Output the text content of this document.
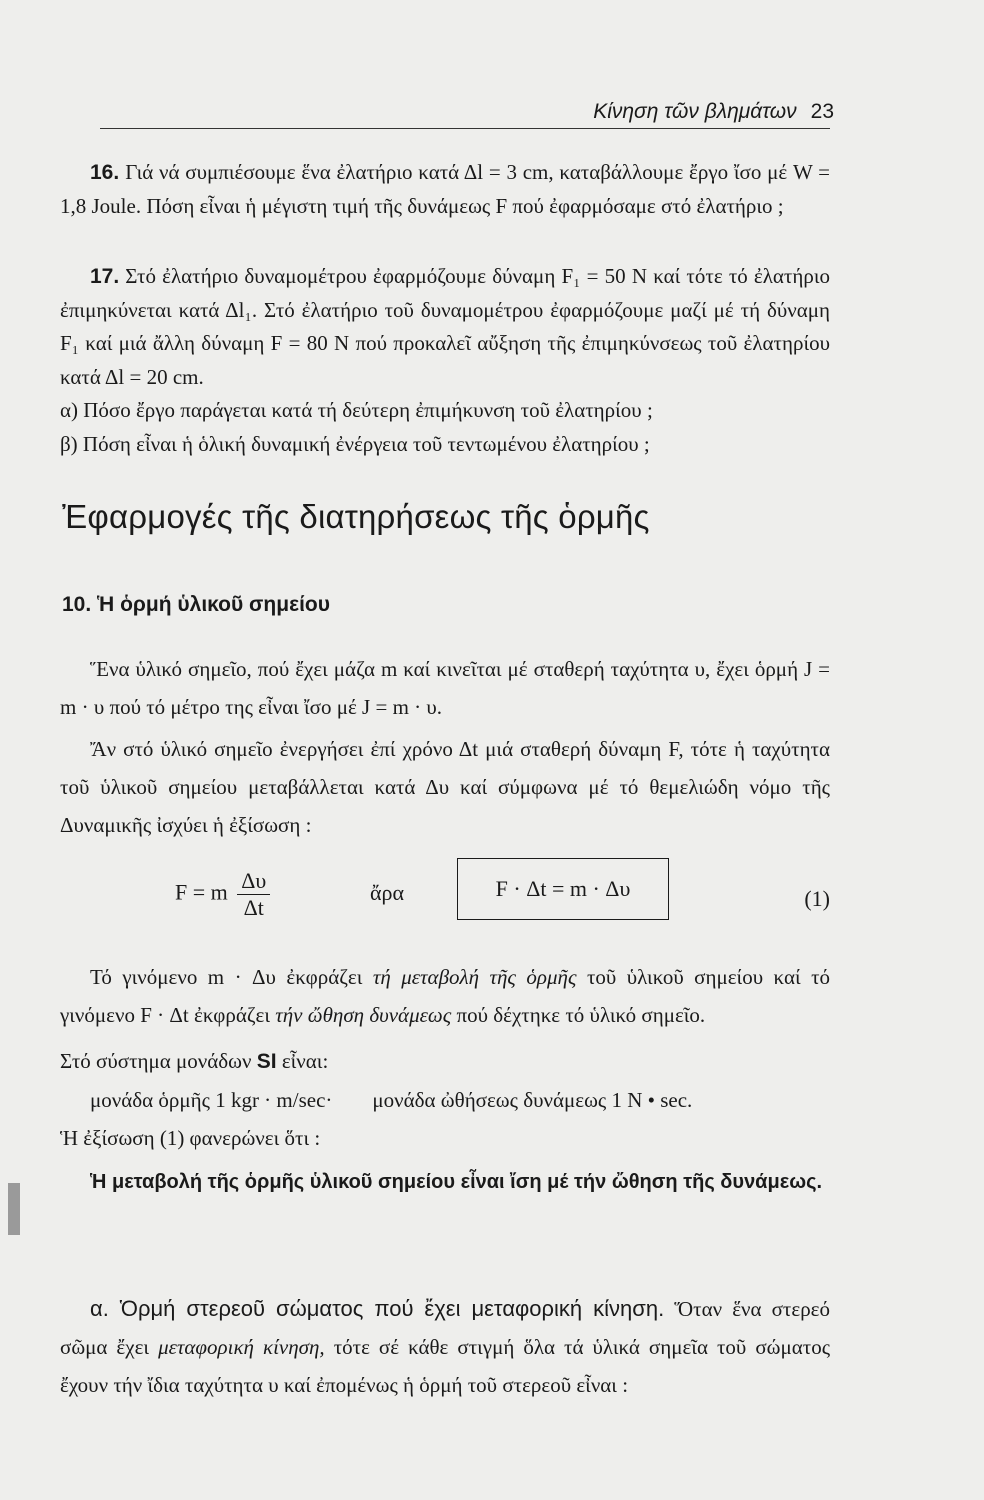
Κίνηση τῶν βλημάτων 23

16. Γιά νά συμπιέσουμε ἕνα ἐλατήριο κατά Δl = 3 cm, καταβάλλουμε ἔργο ἴσο μέ W = 1,8 Joule. Πόση εἶναι ἡ μέγιστη τιμή τῆς δυνάμεως F πού ἐφαρμόσαμε στό ἐλατήριο ;

17. Στό ἐλατήριο δυναμομέτρου ἐφαρμόζουμε δύναμη F₁ = 50 N καί τότε τό ἐλατήριο ἐπιμηκύνεται κατά Δl₁. Στό ἐλατήριο τοῦ δυναμομέτρου ἐφαρμόζουμε μαζί μέ τή δύναμη F₁ καί μιά ἄλλη δύναμη F = 80 N πού προκαλεῖ αὔξηση τῆς ἐπιμηκύνσεως τοῦ ἐλατηρίου κατά Δl = 20 cm.

α) Πόσο ἔργο παράγεται κατά τή δεύτερη ἐπιμήκυνση τοῦ ἐλατηρίου ;

β) Πόση εἶναι ἡ ὁλική δυναμική ἐνέργεια τοῦ τεντωμένου ἐλατηρίου ;

Ἐφαρμογές τῆς διατηρήσεως τῆς ὁρμῆς
10. Ἡ ὁρμή ὑλικοῦ σημείου

Ἕνα ὑλικό σημεῖο, πού ἔχει μάζα m καί κινεῖται μέ σταθερή ταχύτητα υ, ἔχει ὁρμή J = m · υ πού τό μέτρο της εἶναι ἴσο μέ J = m · υ.

Ἄν στό ὑλικό σημεῖο ἐνεργήσει ἐπί χρόνο Δt μιά σταθερή δύναμη F, τότε ἡ ταχύτητα τοῦ ὑλικοῦ σημείου μεταβάλλεται κατά Δυ καί σύμφωνα μέ τό θεμελιώδη νόμο τῆς Δυναμικῆς ἰσχύει ἡ ἐξίσωση :

F = m $\frac{\Delta\upsilon}{\Delta t}$	ἄρα	F · Δt = m · Δυ	(1)

Τό γινόμενο m · Δυ ἐκφράζει τή μεταβολή τῆς ὁρμῆς τοῦ ὑλικοῦ σημείου καί τό γινόμενο F · Δt ἐκφράζει τήν ὤθηση δυνάμεως πού δέχτηκε τό ὑλικό σημεῖο.

Στό σύστημα μονάδων SI εἶναι:

μονάδα ὁρμῆς 1 kgr · m/sec· μονάδα ὠθήσεως δυνάμεως 1 N • sec.

Ἡ ἐξίσωση (1) φανερώνει ὅτι :

Ἡ μεταβολή τῆς ὁρμῆς ὑλικοῦ σημείου εἶναι ἴση μέ τήν ὤθηση τῆς δυνάμεως.

α. Ὁρμή στερεοῦ σώματος πού ἔχει μεταφορική κίνηση. Ὅταν ἕνα στερεό σῶμα ἔχει μεταφορική κίνηση, τότε σέ κάθε στιγμή ὅλα τά ὑλικά σημεῖα τοῦ σώματος ἔχουν τήν ἴδια ταχύτητα υ καί ἐπομένως ἡ ὁρμή τοῦ στερεοῦ εἶναι :
